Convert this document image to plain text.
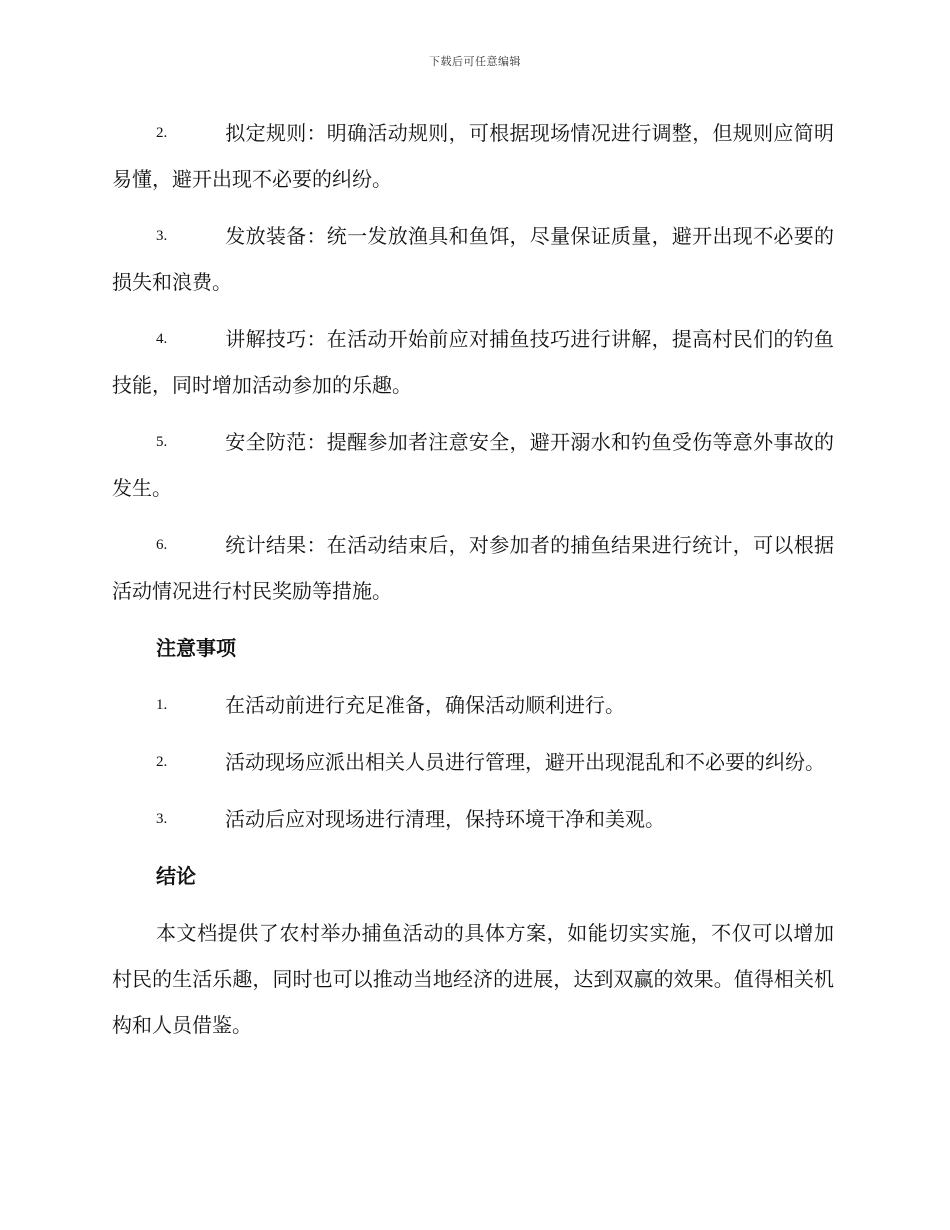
下载后可任意编辑
2.	拟定规则：明确活动规则，可根据现场情况进行调整，但规则应简明易懂，避开出现不必要的纠纷。
3.	发放装备：统一发放渔具和鱼饵，尽量保证质量，避开出现不必要的损失和浪费。
4.	讲解技巧：在活动开始前应对捕鱼技巧进行讲解，提高村民们的钓鱼技能，同时增加活动参加的乐趣。
5.	安全防范：提醒参加者注意安全，避开溺水和钓鱼受伤等意外事故的发生。
6.	统计结果：在活动结束后，对参加者的捕鱼结果进行统计，可以根据活动情况进行村民奖励等措施。
注意事项
1.	在活动前进行充足准备，确保活动顺利进行。
2.	活动现场应派出相关人员进行管理，避开出现混乱和不必要的纠纷。
3.	活动后应对现场进行清理，保持环境干净和美观。
结论

本文档提供了农村举办捕鱼活动的具体方案，如能切实实施，不仅可以增加村民的生活乐趣，同时也可以推动当地经济的进展，达到双赢的效果。值得相关机构和人员借鉴。
